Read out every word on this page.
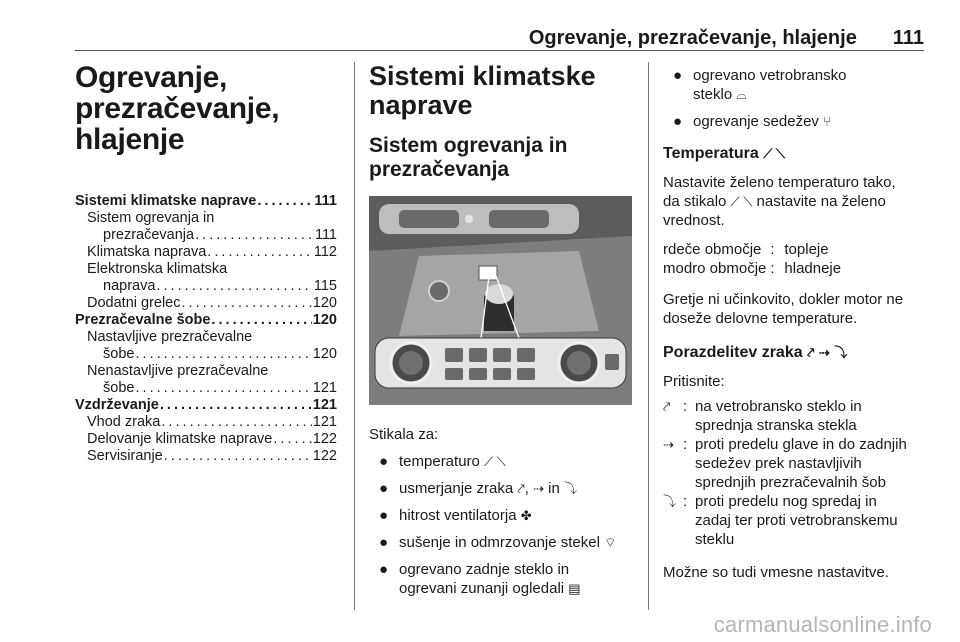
Ogrevanje, prezračevanje, hlajenje 111
Ogrevanje,
prezračevanje,
hlajenje
Sistemi klimatske naprave . . .	111
Sistem ogrevanja in
prezračevanja . . .	111
Klimatska naprava . . .	112
Elektronska klimatska
naprava . . .	115
Dodatni grelec . . .	120
Prezračevalne šobe . . .	120
Nastavljive prezračevalne
šobe . . .	120
Nenastavljive prezračevalne
šobe . . .	121
Vzdrževanje . . .	121
Vhod zraka . . .	121
Delovanje klimatske naprave . . .	122
Servisiranje . . .	122
Sistemi klimatske
naprave
Sistem ogrevanja in
prezračevanja

Stikala za:

● temperaturo ⟋ ⟍
● usmerjanje zraka ⤤, ⇢ in ⤵
● hitrost ventilatorja ✤
● sušenje in odmrzovanje stekel ⌔
● ogrevano zadnje steklo in
ogrevani zunanji ogledali ▤
● ogrevano vetrobransko
steklo ⌓
● ogrevanje sedežev ⑂
Temperatura ⟋ ⟍

Nastavite želeno temperaturo tako,
da stikalo ⟋ ⟍ nastavite na želeno
vrednost.

rdeče območje : topleje
modro območje : hladneje

Gretje ni učinkovito, dokler motor ne
doseže delovne temperature.

Porazdelitev zraka ⤤ ⇢ ⤵

Pritisnite:

⤤ : na vetrobransko steklo in
sprednja stranska stekla
⇢ : proti predelu glave in do zadnjih
sedežev prek nastavljivih
sprednjih prezračevalnih šob
⤵ : proti predelu nog spredaj in
zadaj ter proti vetrobranskemu
steklu

Možne so tudi vmesne nastavitve.

carmanualsonline.info
